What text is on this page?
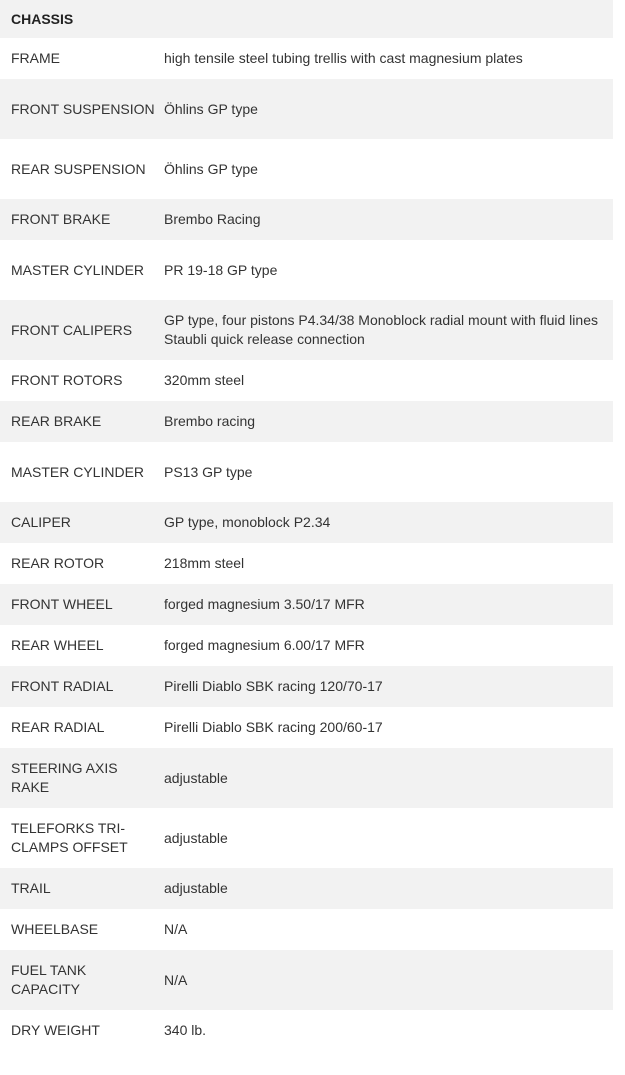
CHASSIS	
FRAME	high tensile steel tubing trellis with cast magnesium plates
FRONT SUSPENSION	Öhlins GP type
REAR SUSPENSION	Öhlins GP type
FRONT BRAKE	Brembo Racing
MASTER CYLINDER	PR 19-18 GP type
FRONT CALIPERS	GP type, four pistons P4.34/38 Monoblock radial mount with fluid lines Staubli quick release connection
FRONT ROTORS	320mm steel
REAR BRAKE	Brembo racing
MASTER CYLINDER	PS13 GP type
CALIPER	GP type, monoblock P2.34
REAR ROTOR	218mm steel
FRONT WHEEL	forged magnesium 3.50/17 MFR
REAR WHEEL	forged magnesium 6.00/17 MFR
FRONT RADIAL	Pirelli Diablo SBK racing 120/70-17
REAR RADIAL	Pirelli Diablo SBK racing 200/60-17
STEERING AXIS RAKE	adjustable
TELEFORKS TRI-CLAMPS OFFSET	adjustable
TRAIL	adjustable
WHEELBASE	N/A
FUEL TANK CAPACITY	N/A
DRY WEIGHT	340 lb.
